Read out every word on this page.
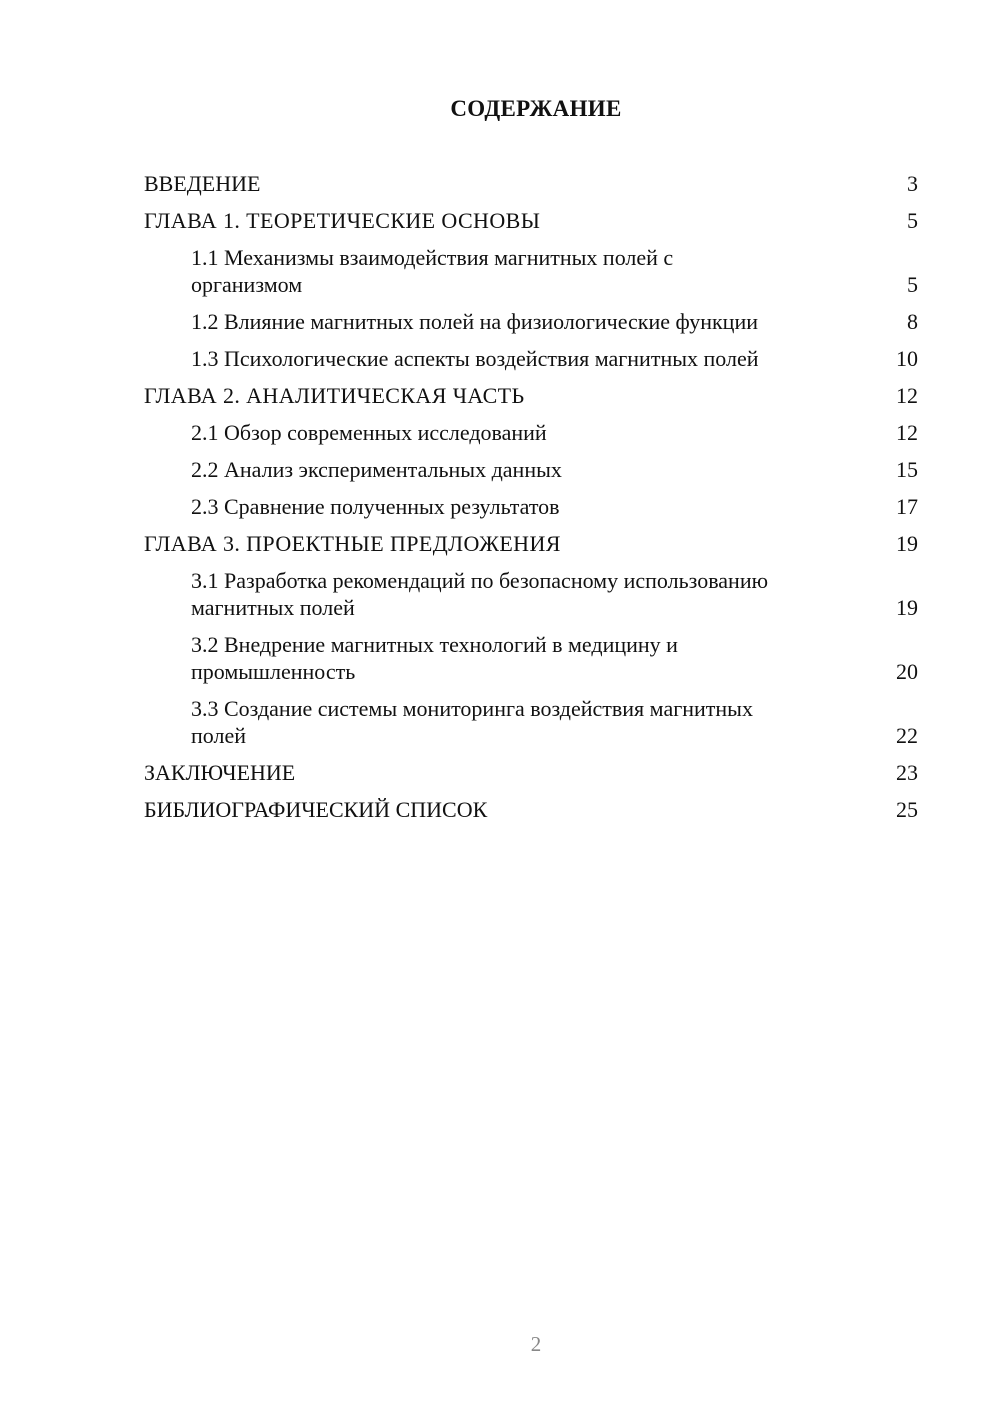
СОДЕРЖАНИЕ
ВВЕДЕНИЕ	3
ГЛАВА 1. ТЕОРЕТИЧЕСКИЕ ОСНОВЫ	5
1.1 Механизмы взаимодействия магнитных полей с организмом	5
1.2 Влияние магнитных полей на физиологические функции	8
1.3 Психологические аспекты воздействия магнитных полей	10
ГЛАВА 2. АНАЛИТИЧЕСКАЯ ЧАСТЬ	12
2.1 Обзор современных исследований	12
2.2 Анализ экспериментальных данных	15
2.3 Сравнение полученных результатов	17
ГЛАВА 3. ПРОЕКТНЫЕ ПРЕДЛОЖЕНИЯ	19
3.1 Разработка рекомендаций по безопасному использованию магнитных полей	19
3.2 Внедрение магнитных технологий в медицину и промышленность	20
3.3 Создание системы мониторинга воздействия магнитных полей	22
ЗАКЛЮЧЕНИЕ	23
БИБЛИОГРАФИЧЕСКИЙ СПИСОК	25
2
